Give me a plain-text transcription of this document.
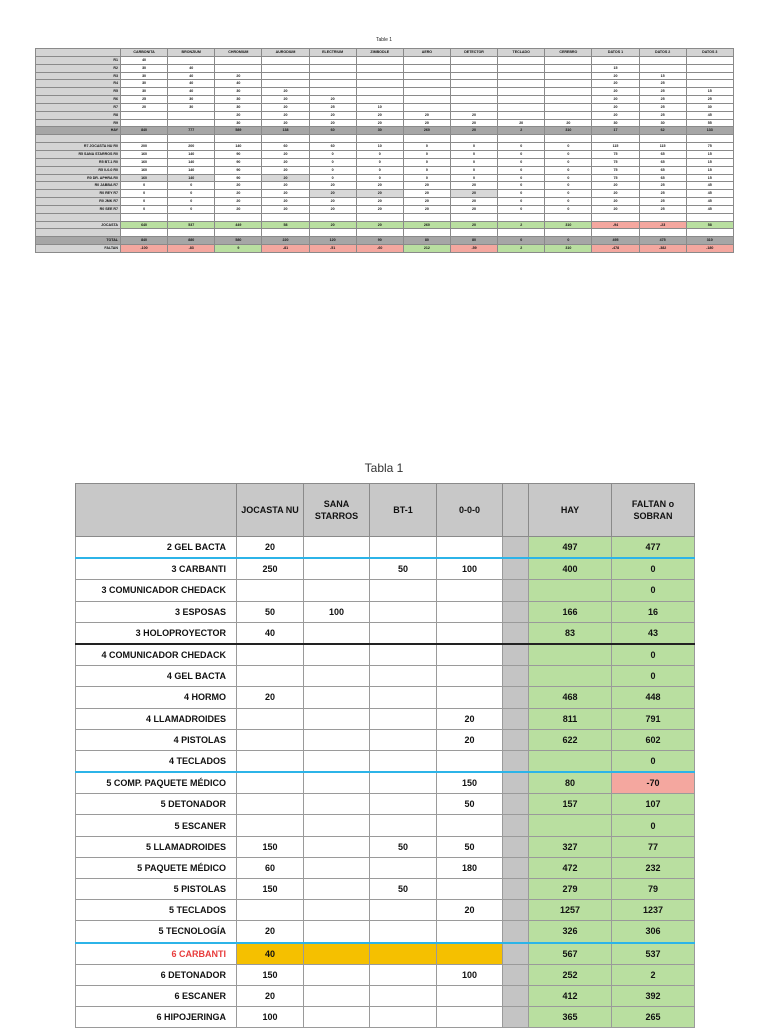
Table 1
	CARBONITA	BRONZIUM	CHROMIUM	AURODIUM	ELECTRIUM	ZIMBODLE	AERO	DETECTOR	TECLADO	CEREBRO	DATOS 1	DATOS 2	DATOS 3
R1	40												
R2	30	40									15		
R3	30	40	20								20	15	
R4	30	40	40								20	25	
R5	30	40	30	20							20	25	15
R6	25	30	30	20	20						20	25	25
R7	20	30	30	20	25	10					20	25	30
R8			20	20	20	20	20	20			20	25	45
R9			30	20	20	20	20	20	20	20	30	30	55
HAY	840	777	589	138	60	30	260	20	2	310	17	62	133

R7 JOCASTA NU R0	200	200	140	60	60	10	0	0	0	0	115	115	75
R5 SANA STARROS R0	160	140	90	20	0	0	0	0	0	0	75	65	15
R5 BT-1 R0	160	140	90	20	0	0	0	0	0	0	75	65	15
R5 0-0-0 R0	160	140	90	20	0	0	0	0	0	0	75	65	15
R0 DR. APHRA R0	160	140	90	20	0	0	0	0	0	0	75	65	15
R0 JABBA R7	0	0	20	20	20	20	20	20	0	0	20	25	45
R0 REY R7	0	0	20	20	20	20	20	20	0	0	20	25	45
R0 JMK R7	0	0	20	20	20	20	20	20	0	0	20	25	45
R0 SEE R7	0	0	20	20	20	20	20	20	0	0	20	25	45

JOCASTA	640	537	449	58	20	20	260	20	2	310	-94	-23	58

TOTAL	840	880	580	220	120	90	80	80	0	0	495	475	310
FALTAN	-100	-83	9	-81	-51	-60	212	-59	2	310	-478	-382	-180
Tabla 1
	JOCASTA NU	SANA STARROS	BT-1	0-0-0		HAY	FALTAN o SOBRAN
2 GEL BACTA	20					497	477
3 CARBANTI	250		50	100		400	0
3 COMUNICADOR CHEDACK							0
3 ESPOSAS	50	100				166	16
3 HOLOPROYECTOR	40					83	43
4 COMUNICADOR CHEDACK							0
4 GEL BACTA							0
4 HORMO	20					468	448
4 LLAMADROIDES				20		811	791
4 PISTOLAS				20		622	602
4 TECLADOS							0
5 COMP. PAQUETE MÉDICO				150		80	-70
5 DETONADOR				50		157	107
5 ESCANER							0
5 LLAMADROIDES	150		50	50		327	77
5 PAQUETE MÉDICO	60			180		472	232
5 PISTOLAS	150		50			279	79
5 TECLADOS				20		1257	1237
5 TECNOLOGÍA	20					326	306
6 CARBANTI	40					567	537
6 DETONADOR	150			100		252	2
6 ESCANER	20					412	392
6 HIPOJERINGA	100					365	265
